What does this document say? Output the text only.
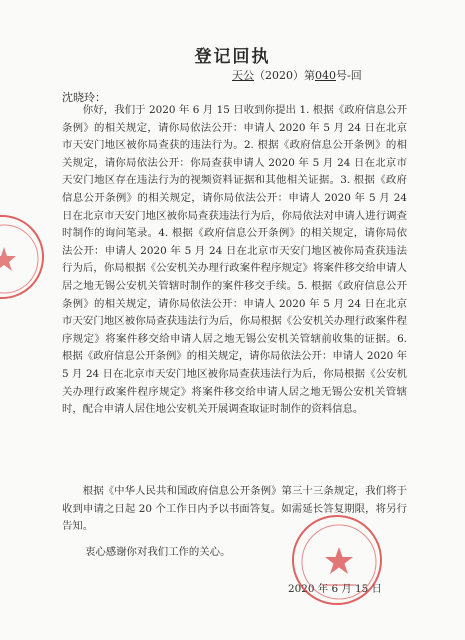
登记回执
天公（2020）第040号-回
沈晓玲：

你好，我们于 2020 年 6 月 15 日收到你提出 1. 根据《政府信息公开条例》的相关规定，请你局依法公开：申请人 2020 年 5 月 24 日在北京市天安门地区被你局查获的违法行为。2. 根据《政府信息公开条例》的相关规定，请你局依法公开：你局查获申请人 2020 年 5 月 24 日在北京市天安门地区存在违法行为的视频资料证据和其他相关证据。3. 根据《政府信息公开条例》的相关规定，请你局依法公开：申请人 2020 年 5 月 24 日在北京市天安门地区被你局查获违法行为后，你局依法对申请人进行调查时制作的询问笔录。4. 根据《政府信息公开条例》的相关规定，请你局依法公开：申请人 2020 年 5 月 24 日在北京市天安门地区被你局查获违法行为后，你局根据《公安机关办理行政案件程序规定》将案件移交给申请人居之地无锡公安机关管辖时制作的案件移交手续。5. 根据《政府信息公开条例》的相关规定，请你局依法公开：申请人 2020 年 5 月 24 日在北京市天安门地区被你局查获违法行为后，你局根据《公安机关办理行政案件程序规定》将案件移交给申请人居之地无锡公安机关管辖前收集的证据。6. 根据《政府信息公开条例》的相关规定，请你局依法公开：申请人 2020 年 5 月 24 日在北京市天安门地区被你局查获违法行为后，你局根据《公安机关办理行政案件程序规定》将案件移交给申请人居之地无锡公安机关管辖时，配合申请人居住地公安机关开展调查取证时制作的资料信息。

根据《中华人民共和国政府信息公开条例》第三十三条规定，我们将于收到申请之日起 20 个工作日内予以书面答复。如需延长答复期限，将另行告知。

衷心感谢你对我们工作的关心。
2020 年 6 月 15 日
